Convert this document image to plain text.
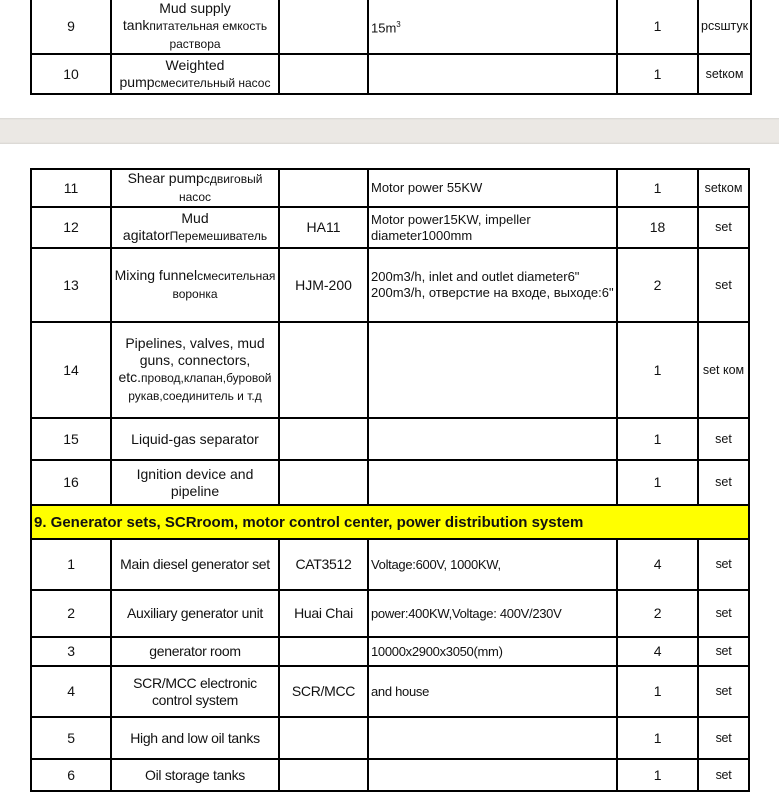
9	Mud supply tankпитательная емкость раствора		$15m^3$	1	pcsштук
10	Weighted pumpсмесительный насос			1	setком
11	Shear pumpсдвиговый насос		Motor power 55KW	1	setком
12	Mud agitatorПеремешиватель	HA11	Motor power15KW, impeller diameter1000mm	18	set
13	Mixing funnelсмесительная воронка	HJM-200	200m3/h, inlet and outlet diameter6" 200m3/h, отверстие на входе, выходе:6"	2	set
14	Pipelines, valves, mud guns, connectors, etc.провод,клапан,буровой рукав,соединитель и т.д			1	set ком
15	Liquid-gas separator			1	set
16	Ignition device and pipeline			1	set
9. Generator sets, SCRroom, motor control center, power distribution system					
1	Main diesel generator set	CAT3512	Voltage:600V, 1000KW,	4	set
2	Auxiliary generator unit	Huai Chai	power:400KW,Voltage: 400V/230V	2	set
3	generator room		10000x2900x3050(mm)	4	set
4	SCR/MCC electronic control system	SCR/MCC	and house	1	set
5	High and low oil tanks			1	set
6	Oil storage tanks			1	set
